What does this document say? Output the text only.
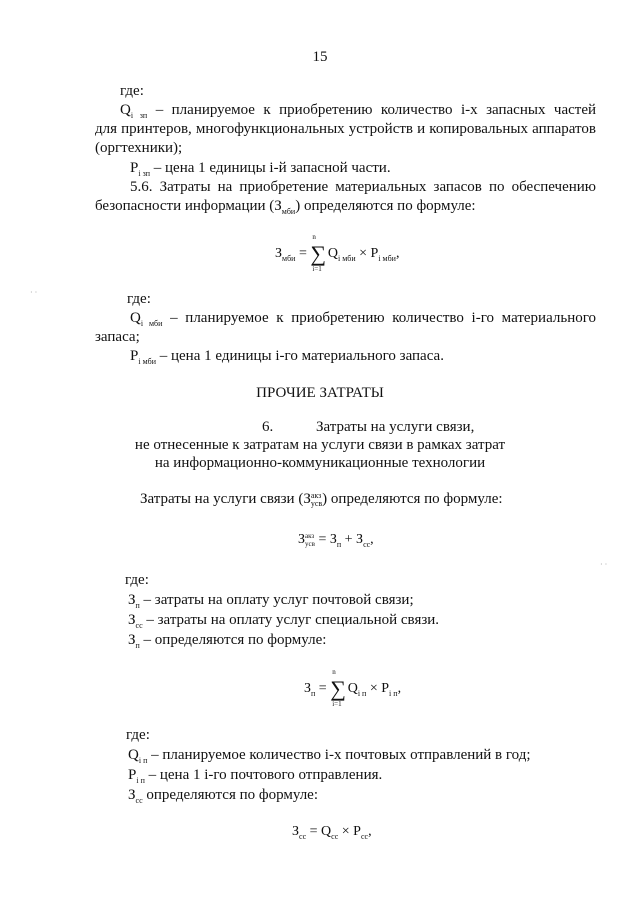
15
где:
$Q_{i зп}$ – планируемое к приобретению количество i-х запасных частей
для принтеров, многофункциональных устройств и копировальных аппаратов
(оргтехники);
$P_{i зп}$ – цена 1 единицы i-й запасной части.
5.6. Затраты на приобретение материальных запасов по обеспечению
безопасности информации $(З_{мби})$ определяются по формуле:
$З_{мби}$ =
n
∑
i=1
$Q_{i мби} \times P_{i мби}$,
где:
$Q_{i мби}$ – планируемое к приобретению количество i-го материального
запаса;
$P_{i мби}$ – цена 1 единицы i-го материального запаса.
ПРОЧИЕ ЗАТРАТЫ
6.	Затраты на услуги связи,
не отнесенные к затратам на услуги связи в рамках затрат
на информационно-коммуникационные технологии
Затраты на услуги связи (З акз
усв ) определяются по формуле:
З акз
усв = $З_п + З_{сс}$,
где:
$З_п$ – затраты на оплату услуг почтовой связи;
$З_{сс}$ – затраты на оплату услуг специальной связи.
$З_п$ – определяются по формуле:
$З_п$ =
n
∑
i=1
$Q_{i п} \times P_{i п}$,
где:
$Q_{i п}$ – планируемое количество i-х почтовых отправлений в год;
$P_{i п}$ – цена 1 i-го почтового отправления.
$З_{сс}$ определяются по формуле:
$З_{сс} = Q_{сс} \times P_{сс}$,
· ·
· ·
